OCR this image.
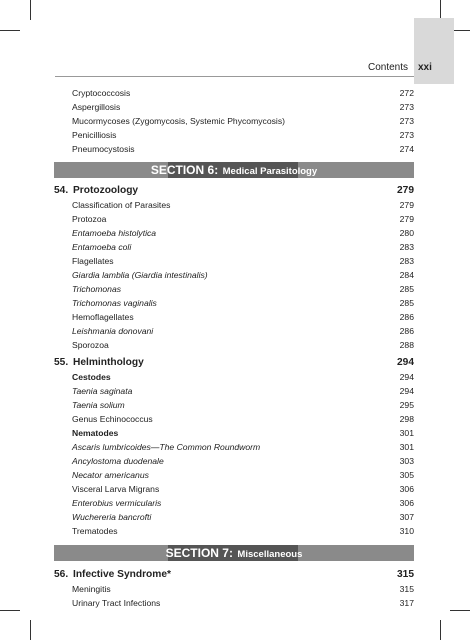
Contents xxi
Cryptococcosis	272
Aspergillosis	273
Mucormycoses (Zygomycosis, Systemic Phycomycosis)	273
Penicilliosis	273
Pneumocystosis	274
SECTION 6: Medical Parasitology
54. Protozoology	279
Classification of Parasites	279
Protozoa	279
Entamoeba histolytica	280
Entamoeba coli	283
Flagellates	283
Giardia lamblia (Giardia intestinalis)	284
Trichomonas	285
Trichomonas vaginalis	285
Hemoflagellates	286
Leishmania donovani	286
Sporozoa	288
55. Helminthology	294
Cestodes	294
Taenia saginata	294
Taenia solium	295
Genus Echinococcus	298
Nematodes	301
Ascaris lumbricoides—The Common Roundworm	301
Ancylostoma duodenale	303
Necator americanus	305
Visceral Larva Migrans	306
Enterobius vermicularis	306
Wuchereria bancrofti	307
Trematodes	310
SECTION 7: Miscellaneous
56. Infective Syndrome*	315
Meningitis	315
Urinary Tract Infections	317
